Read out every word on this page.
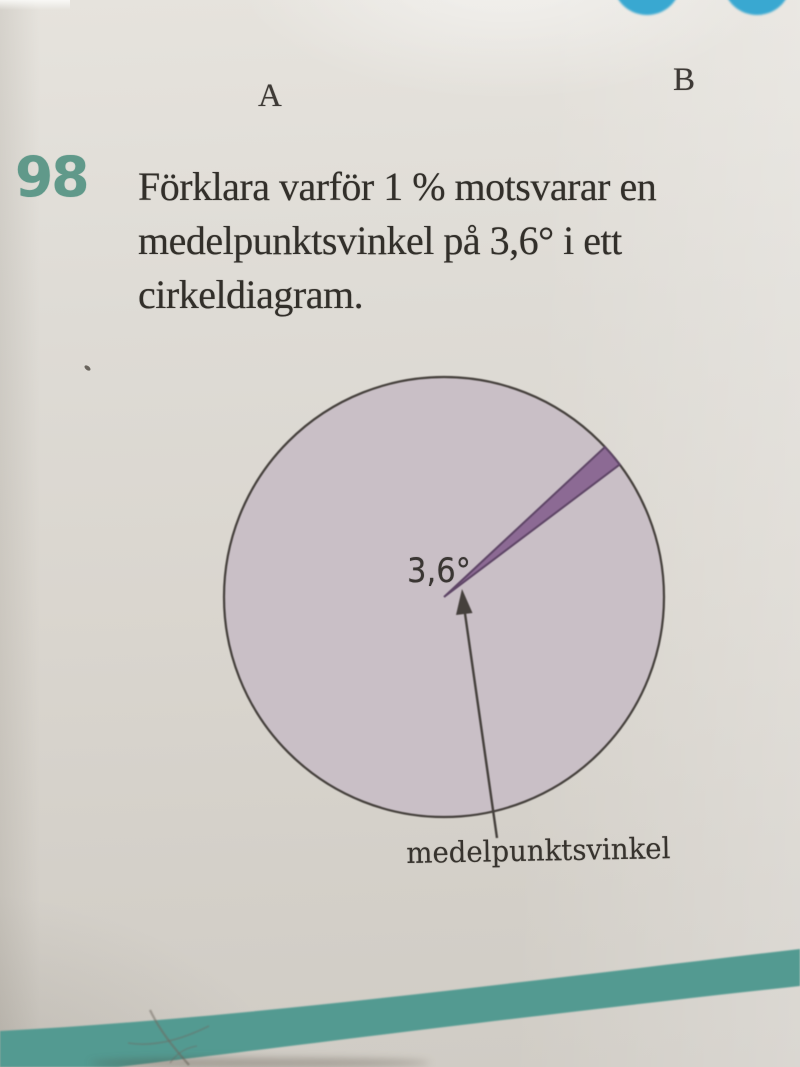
A	B
98 Förklara varför 1 % motsvarar en
medelpunktsvinkel på 3,6° i ett
cirkeldiagram.
3,6°
medelpunktsvinkel
